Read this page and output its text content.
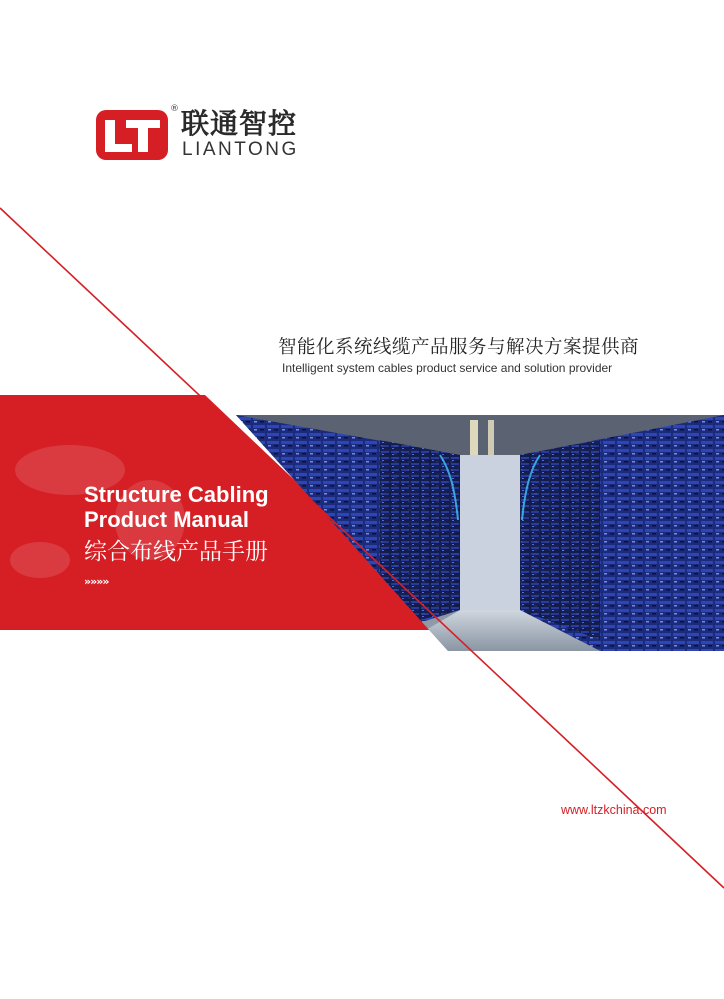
® 联通智控
LIANTONG
智能化系统线缆产品服务与解决方案提供商
Intelligent system cables product service and solution provider
Structure Cabling
Product Manual
综合布线产品手册
»»»»
www.ltzkchina.com
